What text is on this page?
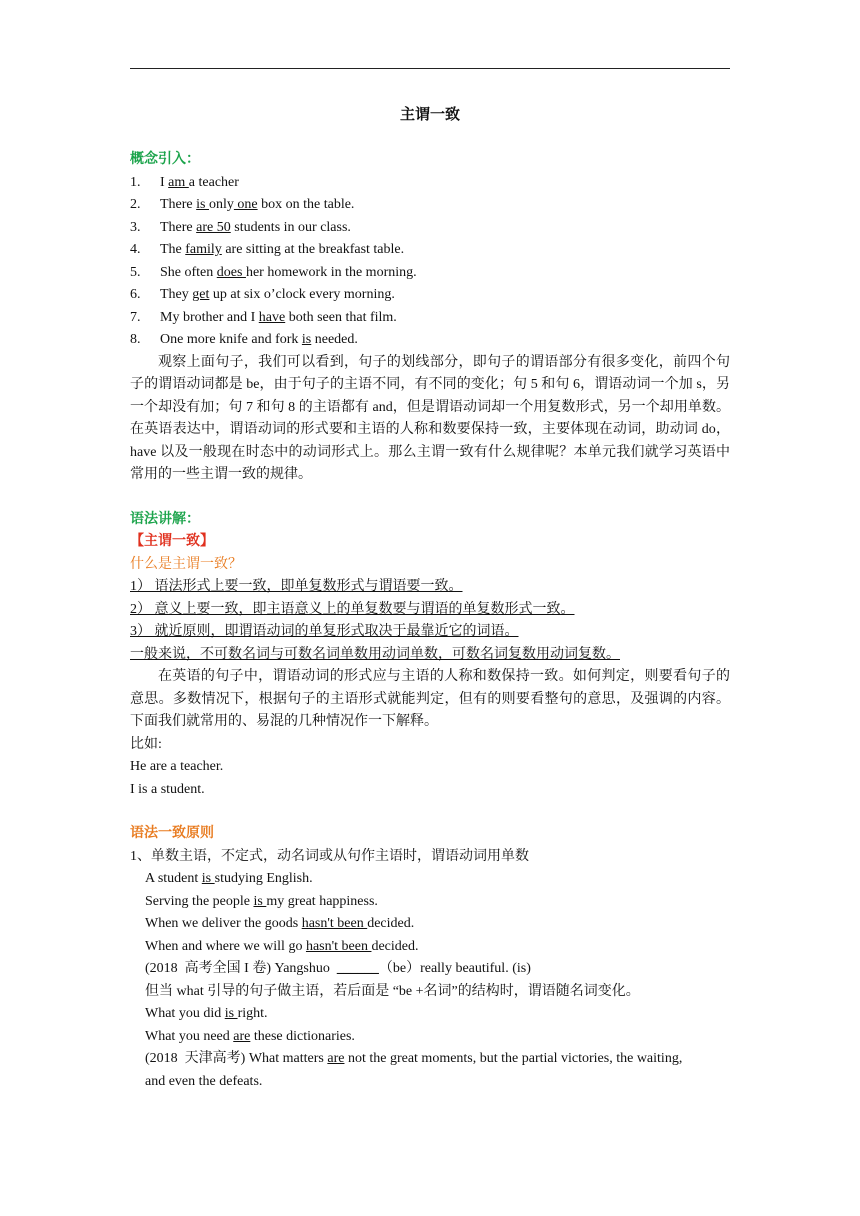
主谓一致
概念引入：
1. I am a teacher
2. There is only one box on the table.
3. There are 50 students in our class.
4. The family are sitting at the breakfast table.
5. She often does her homework in the morning.
6. They get up at six o’clock every morning.
7. My brother and I have both seen that film.
8. One more knife and fork is needed.
观察上面句子，我们可以看到，句子的划线部分，即句子的谓语部分有很多变化，前四个句子的谓语动词都是 be，由于句子的主语不同，有不同的变化；句 5 和句 6，谓语动词一个加 s，另一个却没有加；句 7 和句 8 的主语都有 and，但是谓语动词却一个用复数形式，另一个却用单数。在英语表达中，谓语动词的形式要和主语的人称和数要保持一致，主要体现在动词，助动词 do，have 以及一般现在时态中的动词形式上。那么主谓一致有什么规律呢？本单元我们就学习英语中常用的一些主谓一致的规律。
语法讲解：
【主谓一致】
什么是主谓一致？
1） 语法形式上要一致，即单复数形式与谓语要一致。
2） 意义上要一致，即主语意义上的单复数要与谓语的单复数形式一致。
3） 就近原则，即谓语动词的单复形式取决于最靠近它的词语。
一般来说，不可数名词与可数名词单数用动词单数，可数名词复数用动词复数。
在英语的句子中，谓语动词的形式应与主语的人称和数保持一致。如何判定，则要看句子的意思。多数情况下，根据句子的主语形式就能判定，但有的则要看整句的意思，及强调的内容。下面我们就常用的、易混的几种情况作一下解释。
比如:
He are a teacher.
I is a student.
语法一致原则
1、单数主语，不定式，动名词或从句作主语时，谓语动词用单数
A student is studying English.
Serving the people is my great happiness.
When we deliver the goods hasn't been decided.
When and where we will go hasn't been decided.
(2018  高考全国 I 卷) Yangshuo  ______（be）really beautiful. (is)
但当 what 引导的句子做主语，若后面是 “be +名词”的结构时，谓语随名词变化。
What you did is right.
What you need are these dictionaries.
(2018  天津高考) What matters are not the great moments, but the partial victories, the waiting,
and even the defeats.
